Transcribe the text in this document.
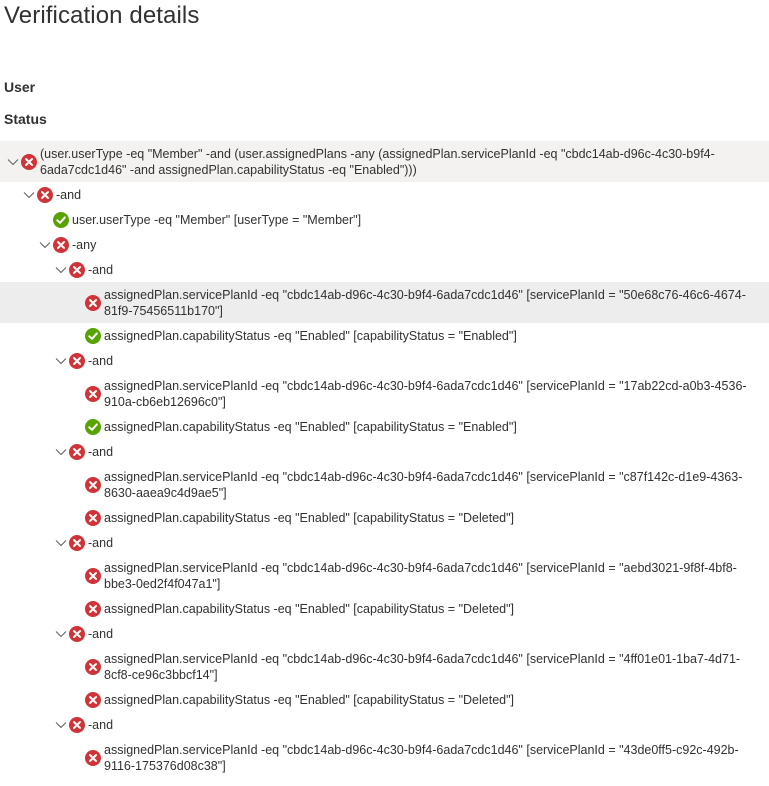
Verification details
User
Status
(user.userType -eq "Member" -and (user.assignedPlans -any (assignedPlan.servicePlanId -eq "cbdc14ab-d96c-4c30-b9f4-6ada7cdc1d46" -and assignedPlan.capabilityStatus -eq "Enabled")))
-and
user.userType -eq "Member" [userType = "Member"]
-any
-and
assignedPlan.servicePlanId -eq "cbdc14ab-d96c-4c30-b9f4-6ada7cdc1d46" [servicePlanId = "50e68c76-46c6-4674-81f9-75456511b170"]
assignedPlan.capabilityStatus -eq "Enabled" [capabilityStatus = "Enabled"]
-and
assignedPlan.servicePlanId -eq "cbdc14ab-d96c-4c30-b9f4-6ada7cdc1d46" [servicePlanId = "17ab22cd-a0b3-4536-910a-cb6eb12696c0"]
assignedPlan.capabilityStatus -eq "Enabled" [capabilityStatus = "Enabled"]
-and
assignedPlan.servicePlanId -eq "cbdc14ab-d96c-4c30-b9f4-6ada7cdc1d46" [servicePlanId = "c87f142c-d1e9-4363-8630-aaea9c4d9ae5"]
assignedPlan.capabilityStatus -eq "Enabled" [capabilityStatus = "Deleted"]
-and
assignedPlan.servicePlanId -eq "cbdc14ab-d96c-4c30-b9f4-6ada7cdc1d46" [servicePlanId = "aebd3021-9f8f-4bf8-bbe3-0ed2f4f047a1"]
assignedPlan.capabilityStatus -eq "Enabled" [capabilityStatus = "Deleted"]
-and
assignedPlan.servicePlanId -eq "cbdc14ab-d96c-4c30-b9f4-6ada7cdc1d46" [servicePlanId = "4ff01e01-1ba7-4d71-8cf8-ce96c3bbcf14"]
assignedPlan.capabilityStatus -eq "Enabled" [capabilityStatus = "Deleted"]
-and
assignedPlan.servicePlanId -eq "cbdc14ab-d96c-4c30-b9f4-6ada7cdc1d46" [servicePlanId = "43de0ff5-c92c-492b-9116-175376d08c38"]
